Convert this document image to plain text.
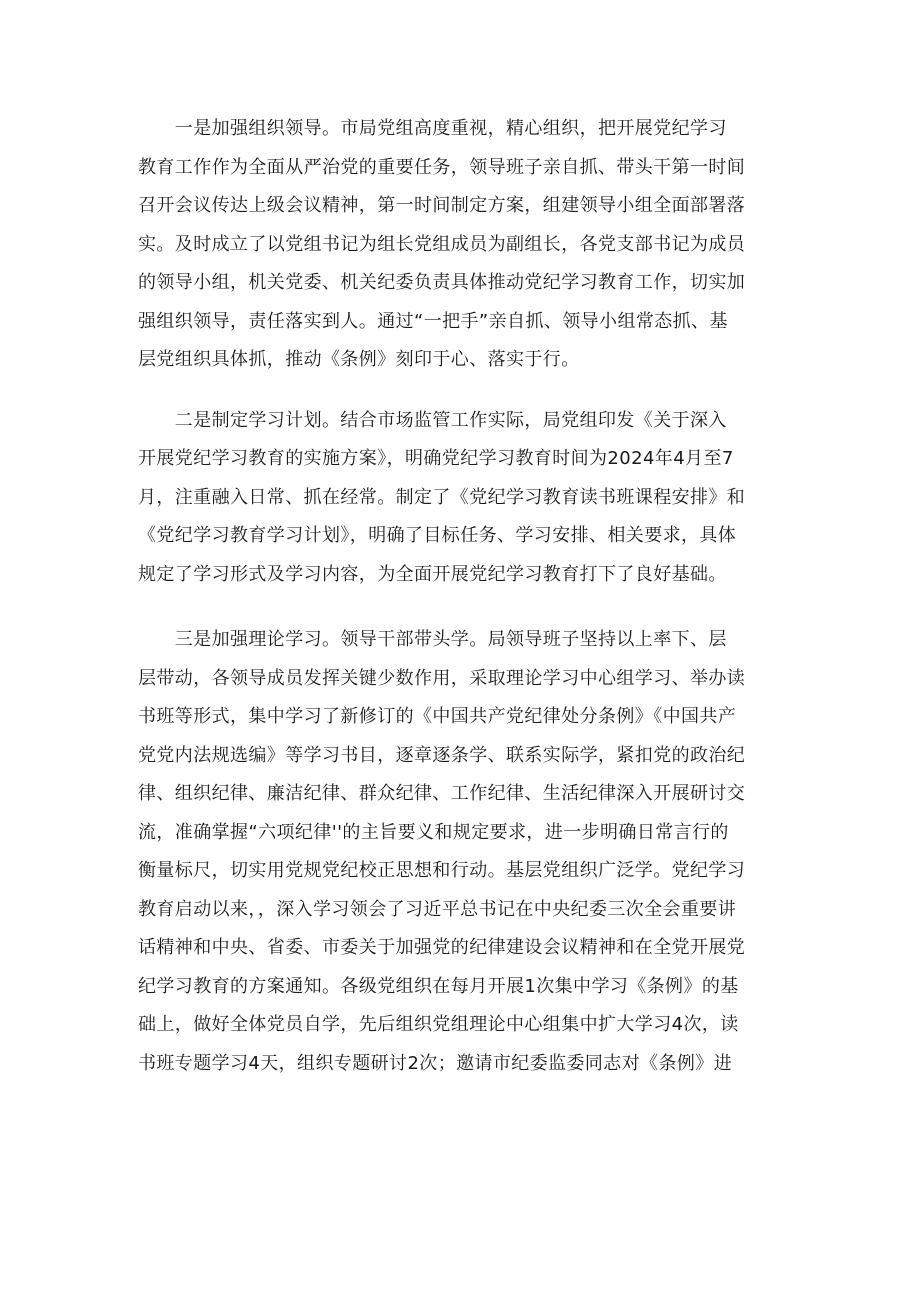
　　一是加强组织领导。市局党组高度重视，精心组织，把开展党纪学习
教育工作作为全面从严治党的重要任务，领导班子亲自抓、带头干第一时间
召开会议传达上级会议精神，第一时间制定方案，组建领导小组全面部署落
实。及时成立了以党组书记为组长党组成员为副组长，各党支部书记为成员
的领导小组，机关党委、机关纪委负责具体推动党纪学习教育工作，切实加
强组织领导，责任落实到人。通过“一把手”亲自抓、领导小组常态抓、基
层党组织具体抓，推动《条例》刻印于心、落实于行。

　　二是制定学习计划。结合市场监管工作实际，局党组印发《关于深入
开展党纪学习教育的实施方案》，明确党纪学习教育时间为2024年4月至7
月，注重融入日常、抓在经常。制定了《党纪学习教育读书班课程安排》和
《党纪学习教育学习计划》，明确了目标任务、学习安排、相关要求，具体
规定了学习形式及学习内容，为全面开展党纪学习教育打下了良好基础。

　　三是加强理论学习。领导干部带头学。局领导班子坚持以上率下、层
层带动，各领导成员发挥关键少数作用，采取理论学习中心组学习、举办读
书班等形式，集中学习了新修订的《中国共产党纪律处分条例》《中国共产
党党内法规选编》等学习书目，逐章逐条学、联系实际学，紧扣党的政治纪
律、组织纪律、廉洁纪律、群众纪律、工作纪律、生活纪律深入开展研讨交
流，准确掌握“六项纪律''的主旨要义和规定要求，进一步明确日常言行的
衡量标尺，切实用党规党纪校正思想和行动。基层党组织广泛学。党纪学习
教育启动以来，，深入学习领会了习近平总书记在中央纪委三次全会重要讲
话精神和中央、省委、市委关于加强党的纪律建设会议精神和在全党开展党
纪学习教育的方案通知。各级党组织在每月开展1次集中学习《条例》的基
础上，做好全体党员自学，先后组织党组理论中心组集中扩大学习4次，读
书班专题学习4天，组织专题研讨2次；邀请市纪委监委同志对《条例》进
